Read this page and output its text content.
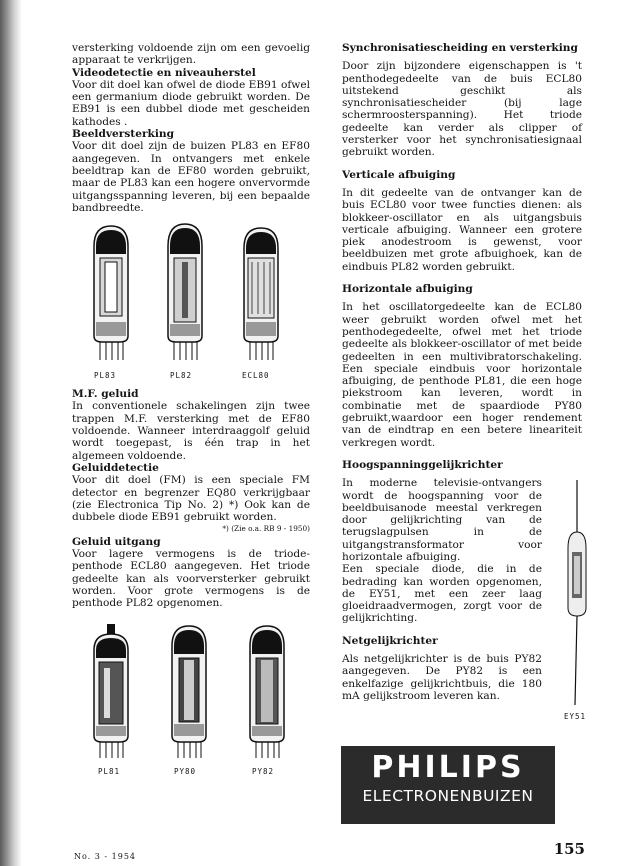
versterking voldoende zijn om een gevoelig apparaat te verkrijgen.

Videodetectie en niveauherstel

Voor dit doel kan ofwel de diode EB91 ofwel een germanium diode gebruikt worden. De EB91 is een dubbel diode met gescheiden kathodes .

Beeldversterking

Voor dit doel zijn de buizen PL83 en EF80 aangegeven. In ontvangers met enkele beeldtrap kan de EF80 worden gebruikt, maar de PL83 kan een hogere onvervormde uitgangsspanning leveren, bij een bepaalde bandbreedte.

PL83	PL82	ECL80
M.F. geluid

In conventionele schakelingen zijn twee trappen M.F. versterking met de EF80 voldoende. Wanneer interdraaggolf geluid wordt toegepast, is één trap in het algemeen voldoende.

Geluiddetectie

Voor dit doel (FM) is een speciale FM detector en begrenzer EQ80 verkrijgbaar (zie Electronica Tip No. 2) *) Ook kan de dubbele diode EB91 gebruikt worden.

*) (Zie o.a. RB 9 - 1950)

Geluid uitgang

Voor lagere vermogens is de triode-penthode ECL80 aangegeven. Het triode gedeelte kan als voorversterker gebruikt worden. Voor grote vermogens is de penthode PL82 opgenomen.

PL81	PY80	PY82
Synchronisatiescheiding en versterking

Door zijn bijzondere eigenschappen is 't penthodegedeelte van de buis ECL80 uitstekend geschikt als synchronisatiescheider (bij lage schermroosterspanning). Het triode gedeelte kan verder als clipper of versterker voor het synchronisatiesignaal gebruikt worden.

Verticale afbuiging

In dit gedeelte van de ontvanger kan de buis ECL80 voor twee functies dienen: als blokkeer-oscillator en als uitgangsbuis verticale afbuiging. Wanneer een grotere piek anodestroom is gewenst, voor beeldbuizen met grote afbuighoek, kan de eindbuis PL82 worden gebruikt.

Horizontale afbuiging

In het oscillatorgedeelte kan de ECL80 weer gebruikt worden ofwel met het penthodegedeelte, ofwel met het triode gedeelte als blokkeer-oscillator of met beide gedeelten in een multivibratorschakeling. Een speciale eindbuis voor horizontale afbuiging, de penthode PL81, die een hoge piekstroom kan leveren, wordt in combinatie met de spaardiode PY80 gebruikt,waardoor een hoger rendement van de eindtrap en een betere lineariteit verkregen wordt.

Hoogspanninggelijkrichter

In moderne televisie-ontvangers wordt de hoogspanning voor de beeldbuisanode meestal verkregen door gelijkrichting van de terugslagpulsen in de uitgangstransformator voor horizontale afbuiging.

Een speciale diode, die in de bedrading kan worden opgenomen, de EY51, met een zeer laag gloeidraadvermogen, zorgt voor de gelijkrichting.

Netgelijkrichter

Als netgelijkrichter is de buis PY82 aangegeven. De PY82 is een enkelfazige gelijkrichtbuis, die 180 mA gelijkstroom leveren kan.

EY51
PHILIPS
ELECTRONENBUIZEN
No. 3 - 1954	155
